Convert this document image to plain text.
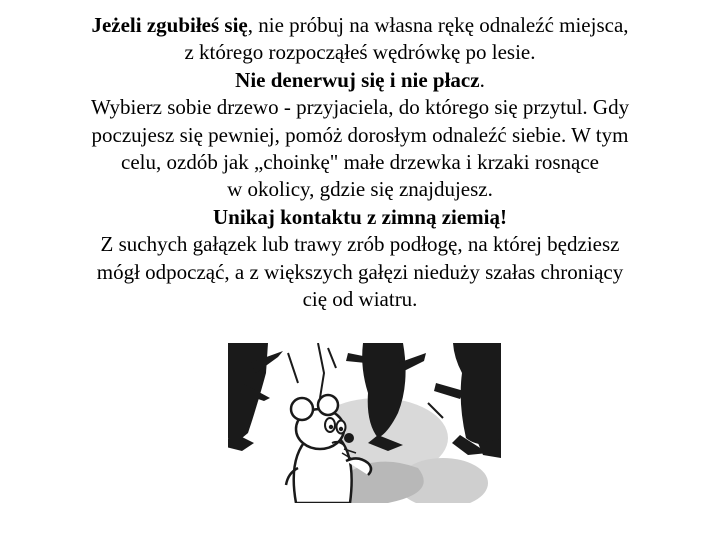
Jeżeli zgubiłeś się, nie próbuj na własna rękę odnaleźć miejsca,
z którego rozpocząłeś wędrówkę po lesie.
Nie denerwuj się i nie płacz.
Wybierz sobie drzewo - przyjaciela, do którego się przytul. Gdy
poczujesz się pewniej, pomóż dorosłym odnaleźć siebie. W tym
celu, ozdób jak „choinkę" małe drzewka i krzaki rosnące
w okolicy, gdzie się znajdujesz.
Unikaj kontaktu z zimną ziemią!
Z suchych gałązek lub trawy zrób podłogę, na której będziesz
mógł odpocząć, a z większych gałęzi nieduży szałas chroniący
cię od wiatru.
